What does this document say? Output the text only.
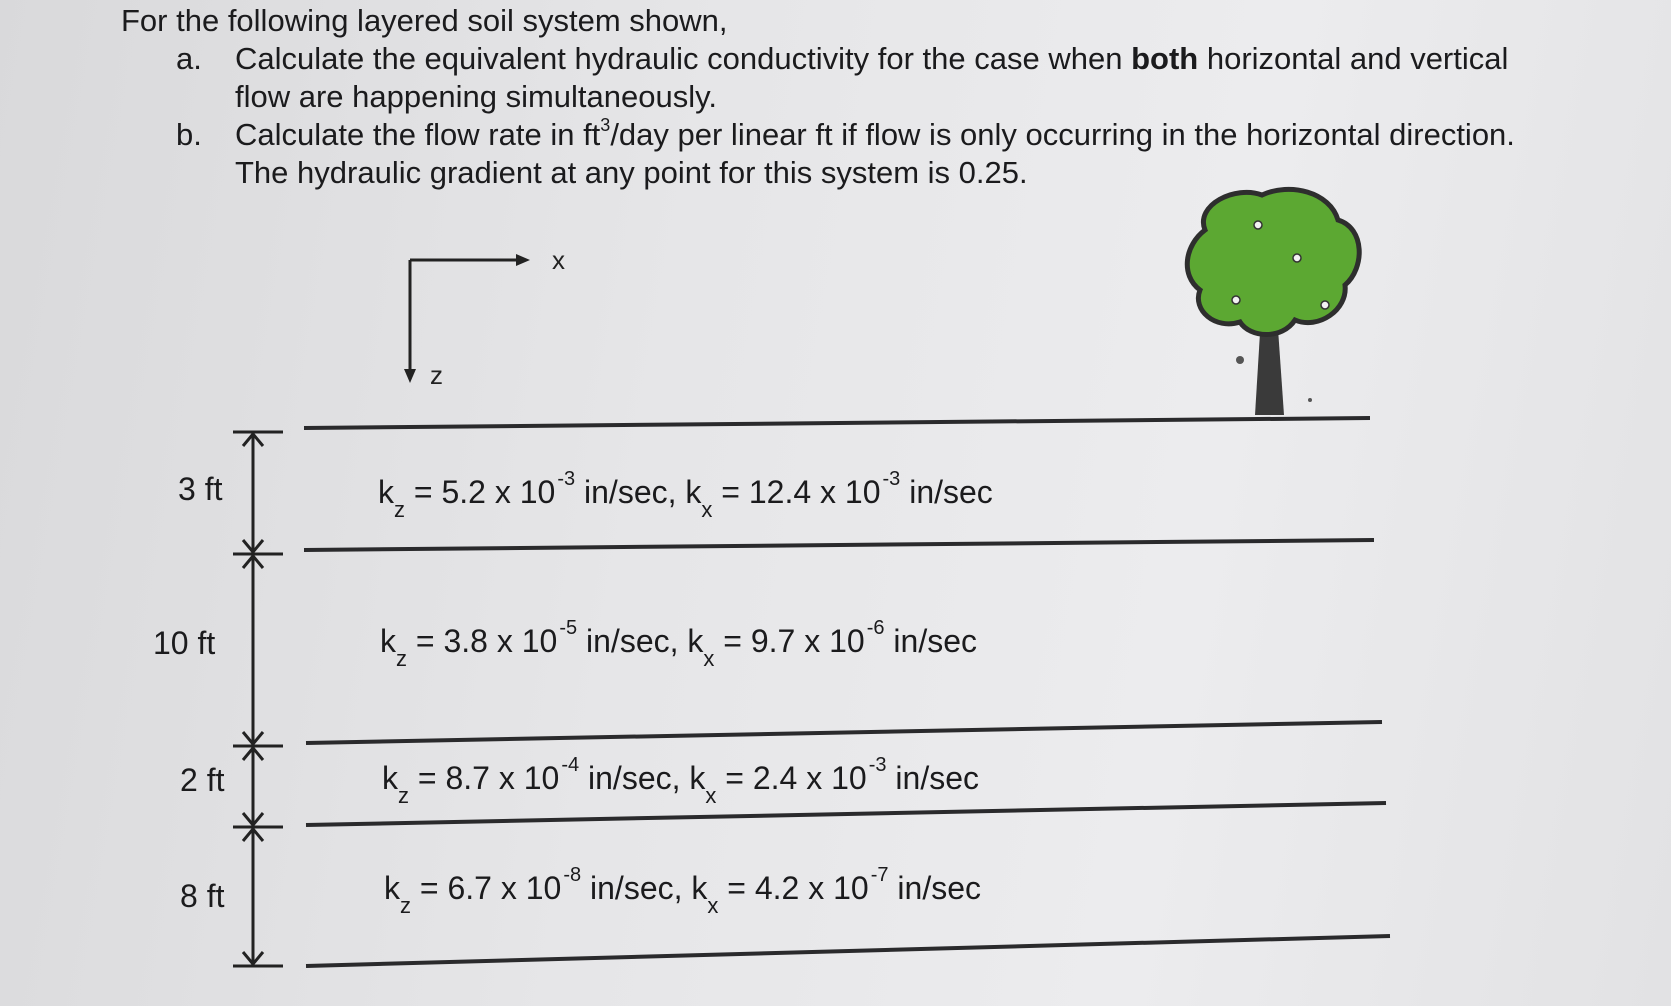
For the following layered soil system shown,

a. Calculate the equivalent hydraulic conductivity for the case when both horizontal and vertical flow are happening simultaneously.

b. Calculate the flow rate in $ft^3$/day per linear ft if flow is only occurring in the horizontal direction. The hydraulic gradient at any point for this system is 0.25.

x
z
3 ft
10 ft
2 ft
8 ft
$k_z = 5.2$ x 10 $^{-3}$ in/sec, $k_x = 12.4$ x 10 $^{-3}$ in/sec
$k_z = 3.8$ x 10 $^{-5}$ in/sec, $k_x = 9.7$ x 10 $^{-6}$ in/sec
$k_z = 8.7$ x 10 $^{-4}$ in/sec, $k_x = 2.4$ x 10 $^{-3}$ in/sec
$k_z = 6.7$ x 10 $^{-8}$ in/sec, $k_x = 4.2$ x 10 $^{-7}$ in/sec
